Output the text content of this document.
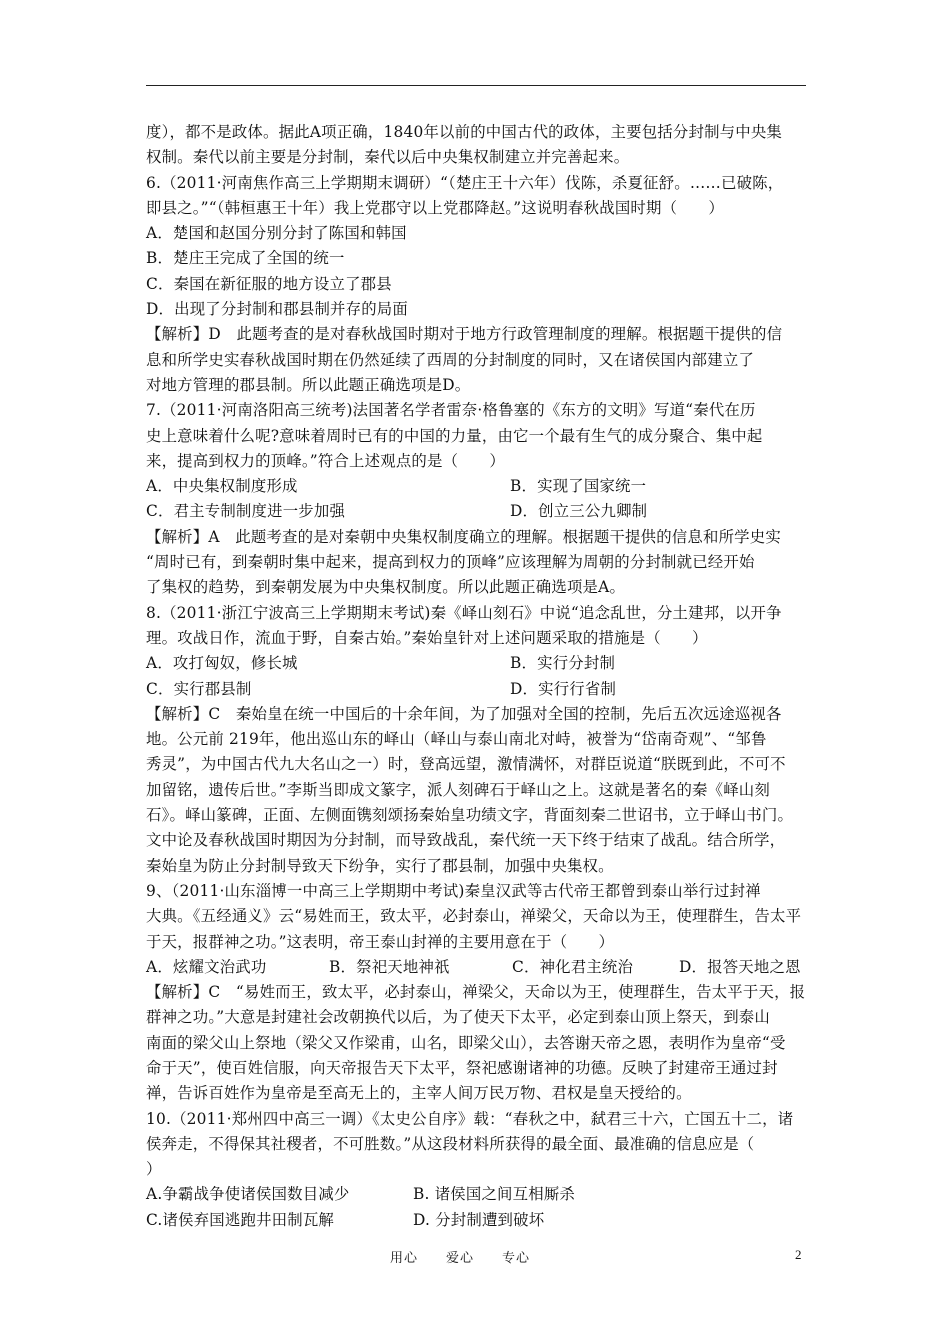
度），都不是政体。据此A项正确，1840年以前的中国古代的政体，主要包括分封制与中央集
权制。秦代以前主要是分封制，秦代以后中央集权制建立并完善起来。
6.（2011·河南焦作高三上学期期末调研）“（楚庄王十六年）伐陈，杀夏征舒。……已破陈，
即县之。”“（韩桓惠王十年）我上党郡守以上党郡降赵。”这说明春秋战国时期（　　）
A．楚国和赵国分别分封了陈国和韩国
B．楚庄王完成了全国的统一
C．秦国在新征服的地方设立了郡县
D．出现了分封制和郡县制并存的局面
【解析】D　此题考查的是对春秋战国时期对于地方行政管理制度的理解。根据题干提供的信
息和所学史实春秋战国时期在仍然延续了西周的分封制度的同时，又在诸侯国内部建立了
对地方管理的郡县制。所以此题正确选项是D。
7.（2011·河南洛阳高三统考)法国著名学者雷奈·格鲁塞的《东方的文明》写道“秦代在历
史上意味着什么呢?意味着周时已有的中国的力量，由它一个最有生气的成分聚合、集中起
来，提高到权力的顶峰。”符合上述观点的是（　　）
A．中央集权制度形成	B．实现了国家统一
C．君主专制制度进一步加强	D．创立三公九卿制
【解析】A　此题考查的是对秦朝中央集权制度确立的理解。根据题干提供的信息和所学史实
“周时已有，到秦朝时集中起来，提高到权力的顶峰”应该理解为周朝的分封制就已经开始
了集权的趋势，到秦朝发展为中央集权制度。所以此题正确选项是A。
8.（2011·浙江宁波高三上学期期末考试)秦《峄山刻石》中说“追念乱世，分土建邦，以开争
理。攻战日作，流血于野，自秦古始。”秦始皇针对上述问题采取的措施是（　　）
A．攻打匈奴，修长城	B．实行分封制
C．实行郡县制	D．实行行省制
【解析】C　秦始皇在统一中国后的十余年间，为了加强对全国的控制，先后五次远途巡视各
地。公元前 219年，他出巡山东的峄山（峄山与泰山南北对峙，被誉为“岱南奇观”、“邹鲁
秀灵”，为中国古代九大名山之一）时，登高远望，激情满怀，对群臣说道“朕既到此，不可不
加留铭，遗传后世。”李斯当即成文篆字，派人刻碑石于峄山之上。这就是著名的秦《峄山刻
石》。峄山篆碑，正面、左侧面镌刻颂扬秦始皇功绩文字，背面刻秦二世诏书，立于峄山书门。
文中论及春秋战国时期因为分封制，而导致战乱，秦代统一天下终于结束了战乱。结合所学，
秦始皇为防止分封制导致天下纷争，实行了郡县制，加强中央集权。
9、（2011·山东淄博一中高三上学期期中考试)秦皇汉武等古代帝王都曾到泰山举行过封禅
大典。《五经通义》云“易姓而王，致太平，必封泰山，禅梁父，天命以为王，使理群生，告太平
于天，报群神之功。”这表明，帝王泰山封禅的主要用意在于（　　）
A．炫耀文治武功	B．祭祀天地神祇	C．神化君主统治	D．报答天地之恩
【解析】C　“易姓而王，致太平，必封泰山，禅梁父，天命以为王，使理群生，告太平于天，报
群神之功。”大意是封建社会改朝换代以后，为了使天下太平，必定到泰山顶上祭天，到泰山
南面的梁父山上祭地（梁父又作梁甫，山名，即梁父山），去答谢天帝之恩，表明作为皇帝“受
命于天”，使百姓信服，向天帝报告天下太平，祭祀感谢诸神的功德。反映了封建帝王通过封
禅，告诉百姓作为皇帝是至高无上的，主宰人间万民万物、君权是皇天授给的。
10.（2011·郑州四中高三一调）《太史公自序》载：“春秋之中，弑君三十六，亡国五十二，诸
侯奔走，不得保其社稷者，不可胜数。”从这段材料所获得的最全面、最准确的信息应是（
）
A.争霸战争使诸侯国数目减少	B. 诸侯国之间互相厮杀
C.诸侯弃国逃跑井田制瓦解	D. 分封制遭到破坏
用心　　爱心　　专心	2
